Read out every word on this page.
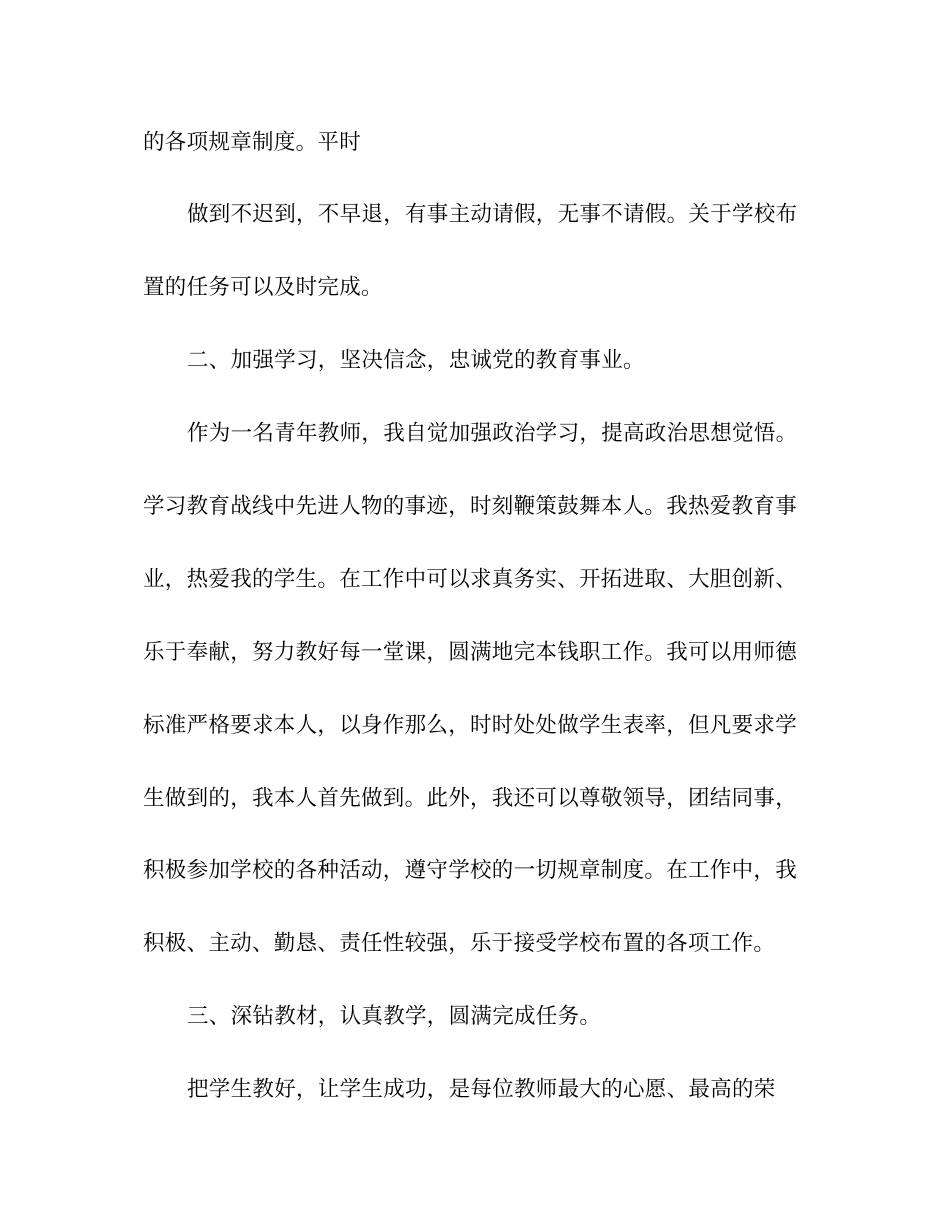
的各项规章制度。平时
做到不迟到，不早退，有事主动请假，无事不请假。关于学校布
置的任务可以及时完成。
二、加强学习，坚决信念，忠诚党的教育事业。
作为一名青年教师，我自觉加强政治学习，提高政治思想觉悟。
学习教育战线中先进人物的事迹，时刻鞭策鼓舞本人。我热爱教育事
业，热爱我的学生。在工作中可以求真务实、开拓进取、大胆创新、
乐于奉献，努力教好每一堂课，圆满地完本钱职工作。我可以用师德
标准严格要求本人，以身作那么，时时处处做学生表率，但凡要求学
生做到的，我本人首先做到。此外，我还可以尊敬领导，团结同事，
积极参加学校的各种活动，遵守学校的一切规章制度。在工作中，我
积极、主动、勤恳、责任性较强，乐于接受学校布置的各项工作。
三、深钻教材，认真教学，圆满完成任务。
把学生教好，让学生成功，是每位教师最大的心愿、最高的荣
